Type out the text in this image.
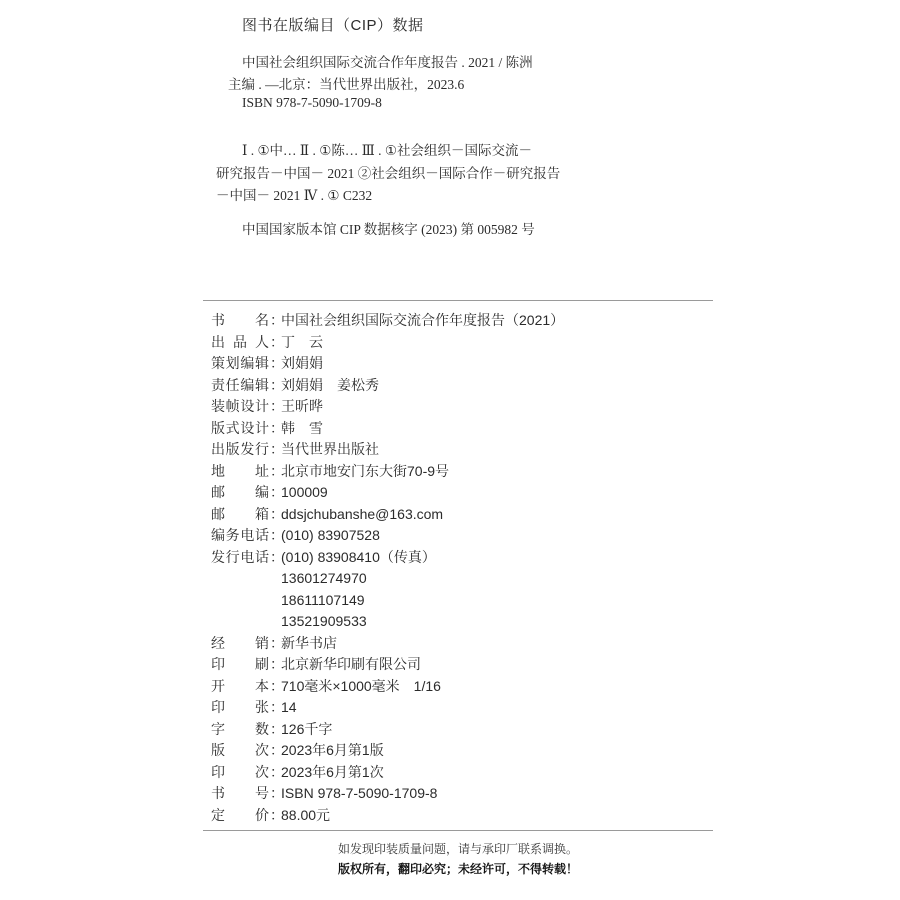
图书在版编目（CIP）数据
中国社会组织国际交流合作年度报告 . 2021 / 陈洲
主编 . —北京：当代世界出版社，2023.6
ISBN 978-7-5090-1709-8
Ⅰ . ①中… Ⅱ . ①陈… Ⅲ . ①社会组织－国际交流－
研究报告－中国－ 2021 ②社会组织－国际合作－研究报告
－中国－ 2021 Ⅳ . ① C232
中国国家版本馆 CIP 数据核字 (2023) 第 005982 号
书 名 ：
中国社会组织国际交流合作年度报告（2021）
出 品 人 ：
丁　云
策 划 编 辑 ：
刘娟娟
责 任 编 辑 ：
刘娟娟　姜松秀
装 帧 设 计 ：
王昕晔
版 式 设 计 ：
韩　雪
出 版 发 行 ：
当代世界出版社
地 址 ：
北京市地安门东大街70-9号
邮 编 ：
100009
邮 箱 ：
ddsjchubanshe@163.com
编 务 电 话 ：
(010) 83907528
发 行 电 话 ：
(010) 83908410（传真）
13601274970
18611107149
13521909533
经 销 ：
新华书店
印 刷 ：
北京新华印刷有限公司
开 本 ：
710毫米×1000毫米　1/16
印 张 ：
14
字 数 ：
126千字
版 次 ：
2023年6月第1版
印 次 ：
2023年6月第1次
书 号 ：
ISBN 978-7-5090-1709-8
定 价 ：
88.00元
如发现印装质量问题，请与承印厂联系调换。
版权所有，翻印必究；未经许可，不得转载！
